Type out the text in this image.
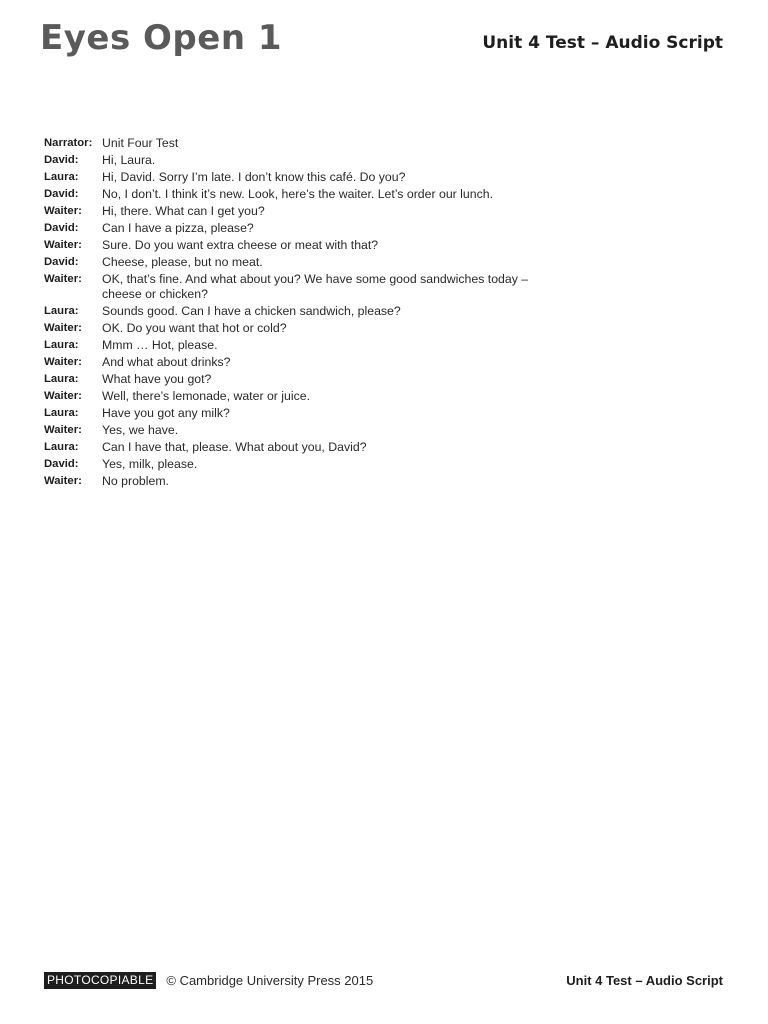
Eyes Open 1	Unit 4 Test – Audio Script
Narrator: Unit Four Test
David:	Hi, Laura.
Laura:	Hi, David. Sorry I’m late. I don’t know this café. Do you?
David:	No, I don’t. I think it’s new. Look, here’s the waiter. Let’s order our lunch.
Waiter:	Hi, there. What can I get you?
David:	Can I have a pizza, please?
Waiter:	Sure. Do you want extra cheese or meat with that?
David:	Cheese, please, but no meat.
Waiter:	OK, that’s fine. And what about you? We have some good sandwiches today – cheese or chicken?
Laura:	Sounds good. Can I have a chicken sandwich, please?
Waiter:	OK. Do you want that hot or cold?
Laura:	Mmm … Hot, please.
Waiter:	And what about drinks?
Laura:	What have you got?
Waiter:	Well, there’s lemonade, water or juice.
Laura:	Have you got any milk?
Waiter:	Yes, we have.
Laura:	Can I have that, please. What about you, David?
David:	Yes, milk, please.
Waiter:	No problem.
PHOTOCOPIABLE © Cambridge University Press 2015	Unit 4 Test – Audio Script
